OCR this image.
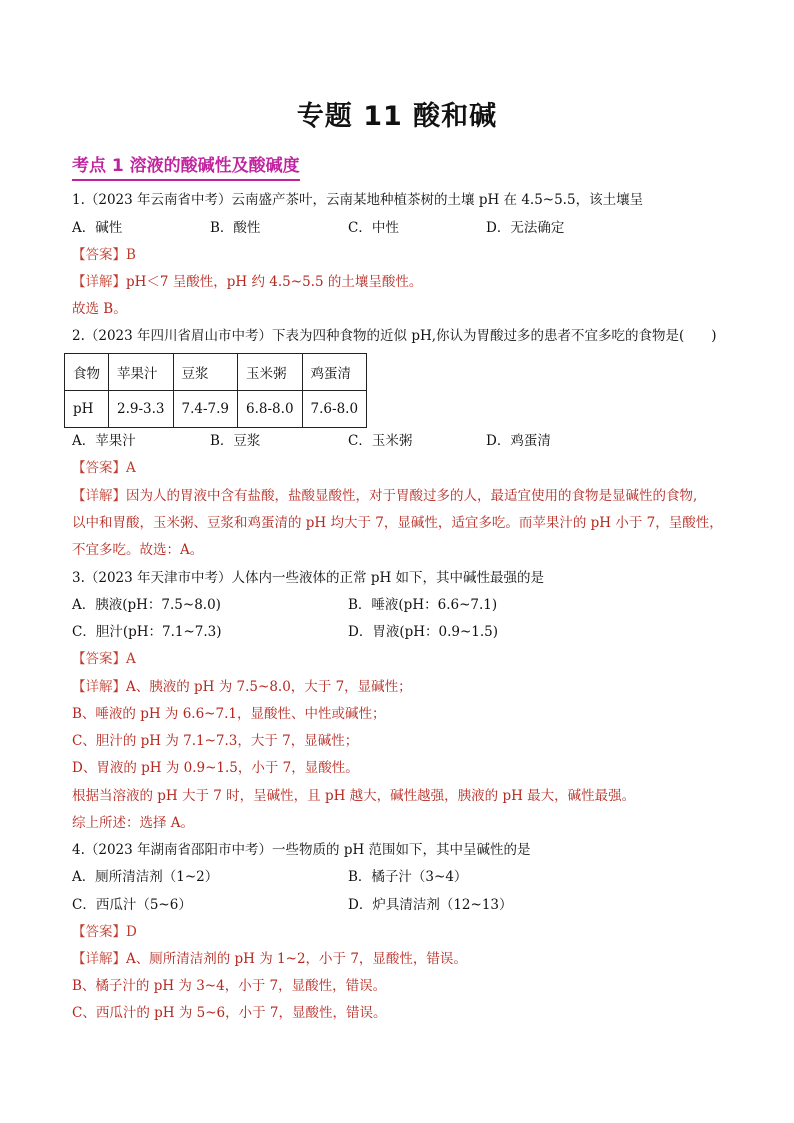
专题 11 酸和碱
考点 1 溶液的酸碱性及酸碱度
1.（2023 年云南省中考）云南盛产茶叶，云南某地种植茶树的土壤 pH 在 4.5~5.5，该土壤呈
A．碱性	B．酸性	C．中性	D．无法确定
【答案】B
【详解】pH＜7 呈酸性，pH 约 4.5~5.5 的土壤呈酸性。
故选 B。
2.（2023 年四川省眉山市中考）下表为四种食物的近似 pH,你认为胃酸过多的患者不宜多吃的食物是(　　)
食物	苹果汁	豆浆	玉米粥	鸡蛋清
pH	2.9-3.3	7.4-7.9	6.8-8.0	7.6-8.0
A．苹果汁	B．豆浆	C．玉米粥	D．鸡蛋清
【答案】A
【详解】因为人的胃液中含有盐酸，盐酸显酸性，对于胃酸过多的人，最适宜使用的食物是显碱性的食物,
以中和胃酸，玉米粥、豆浆和鸡蛋清的 pH 均大于 7，显碱性，适宜多吃。而苹果汁的 pH 小于 7，呈酸性，
不宜多吃。故选：A。
3.（2023 年天津市中考）人体内一些液体的正常 pH 如下，其中碱性最强的是
A．胰液(pH：7.5~8.0)	B．唾液(pH：6.6~7.1)
C．胆汁(pH：7.1~7.3)	D．胃液(pH：0.9~1.5)
【答案】A
【详解】A、胰液的 pH 为 7.5~8.0，大于 7，显碱性；
B、唾液的 pH 为 6.6~7.1，显酸性、中性或碱性；
C、胆汁的 pH 为 7.1~7.3，大于 7，显碱性；
D、胃液的 pH 为 0.9~1.5，小于 7，显酸性。
根据当溶液的 pH 大于 7 时，呈碱性，且 pH 越大，碱性越强，胰液的 pH 最大，碱性最强。
综上所述：选择 A。
4.（2023 年湖南省邵阳市中考）一些物质的 pH 范围如下，其中呈碱性的是
A．厕所清洁剂（1~2）	B．橘子汁（3~4）
C．西瓜汁（5~6）	D．炉具清洁剂（12~13）
【答案】D
【详解】A、厕所清洁剂的 pH 为 1~2，小于 7，显酸性，错误。
B、橘子汁的 pH 为 3~4，小于 7，显酸性，错误。
C、西瓜汁的 pH 为 5~6，小于 7，显酸性，错误。
